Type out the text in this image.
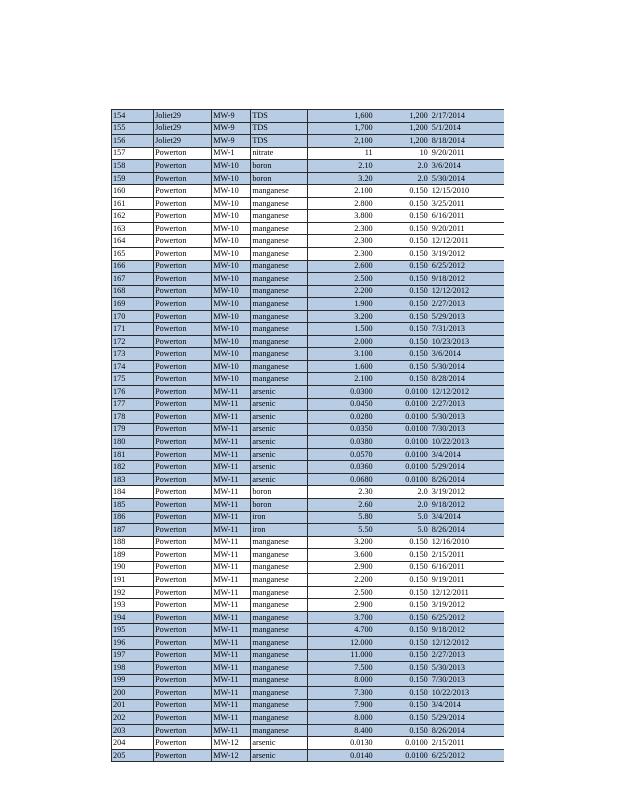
154	Joliet29	MW-9	TDS	1,600	1,200	2/17/2014
155	Joliet29	MW-9	TDS	1,700	1,200	5/1/2014
156	Joliet29	MW-9	TDS	2,100	1,200	8/18/2014
157	Powerton	MW-1	nitrate	11	10	9/20/2011
158	Powerton	MW-10	boron	2.10	2.0	3/6/2014
159	Powerton	MW-10	boron	3.20	2.0	5/30/2014
160	Powerton	MW-10	manganese	2.100	0.150	12/15/2010
161	Powerton	MW-10	manganese	2.800	0.150	3/25/2011
162	Powerton	MW-10	manganese	3.800	0.150	6/16/2011
163	Powerton	MW-10	manganese	2.300	0.150	9/20/2011
164	Powerton	MW-10	manganese	2.300	0.150	12/12/2011
165	Powerton	MW-10	manganese	2.300	0.150	3/19/2012
166	Powerton	MW-10	manganese	2.600	0.150	6/25/2012
167	Powerton	MW-10	manganese	2.500	0.150	9/18/2012
168	Powerton	MW-10	manganese	2.200	0.150	12/12/2012
169	Powerton	MW-10	manganese	1.900	0.150	2/27/2013
170	Powerton	MW-10	manganese	3.200	0.150	5/29/2013
171	Powerton	MW-10	manganese	1.500	0.150	7/31/2013
172	Powerton	MW-10	manganese	2.000	0.150	10/23/2013
173	Powerton	MW-10	manganese	3.100	0.150	3/6/2014
174	Powerton	MW-10	manganese	1.600	0.150	5/30/2014
175	Powerton	MW-10	manganese	2.100	0.150	8/28/2014
176	Powerton	MW-11	arsenic	0.0300	0.0100	12/12/2012
177	Powerton	MW-11	arsenic	0.0450	0.0100	2/27/2013
178	Powerton	MW-11	arsenic	0.0280	0.0100	5/30/2013
179	Powerton	MW-11	arsenic	0.0350	0.0100	7/30/2013
180	Powerton	MW-11	arsenic	0.0380	0.0100	10/22/2013
181	Powerton	MW-11	arsenic	0.0570	0.0100	3/4/2014
182	Powerton	MW-11	arsenic	0.0360	0.0100	5/29/2014
183	Powerton	MW-11	arsenic	0.0680	0.0100	8/26/2014
184	Powerton	MW-11	boron	2.30	2.0	3/19/2012
185	Powerton	MW-11	boron	2.60	2.0	9/18/2012
186	Powerton	MW-11	iron	5.80	5.0	3/4/2014
187	Powerton	MW-11	iron	5.50	5.0	8/26/2014
188	Powerton	MW-11	manganese	3.200	0.150	12/16/2010
189	Powerton	MW-11	manganese	3.600	0.150	2/15/2011
190	Powerton	MW-11	manganese	2.900	0.150	6/16/2011
191	Powerton	MW-11	manganese	2.200	0.150	9/19/2011
192	Powerton	MW-11	manganese	2.500	0.150	12/12/2011
193	Powerton	MW-11	manganese	2.900	0.150	3/19/2012
194	Powerton	MW-11	manganese	3.700	0.150	6/25/2012
195	Powerton	MW-11	manganese	4.700	0.150	9/18/2012
196	Powerton	MW-11	manganese	12.000	0.150	12/12/2012
197	Powerton	MW-11	manganese	11.000	0.150	2/27/2013
198	Powerton	MW-11	manganese	7.500	0.150	5/30/2013
199	Powerton	MW-11	manganese	8.000	0.150	7/30/2013
200	Powerton	MW-11	manganese	7.300	0.150	10/22/2013
201	Powerton	MW-11	manganese	7.900	0.150	3/4/2014
202	Powerton	MW-11	manganese	8.000	0.150	5/29/2014
203	Powerton	MW-11	manganese	8.400	0.150	8/26/2014
204	Powerton	MW-12	arsenic	0.0130	0.0100	2/15/2011
205	Powerton	MW-12	arsenic	0.0140	0.0100	6/25/2012
